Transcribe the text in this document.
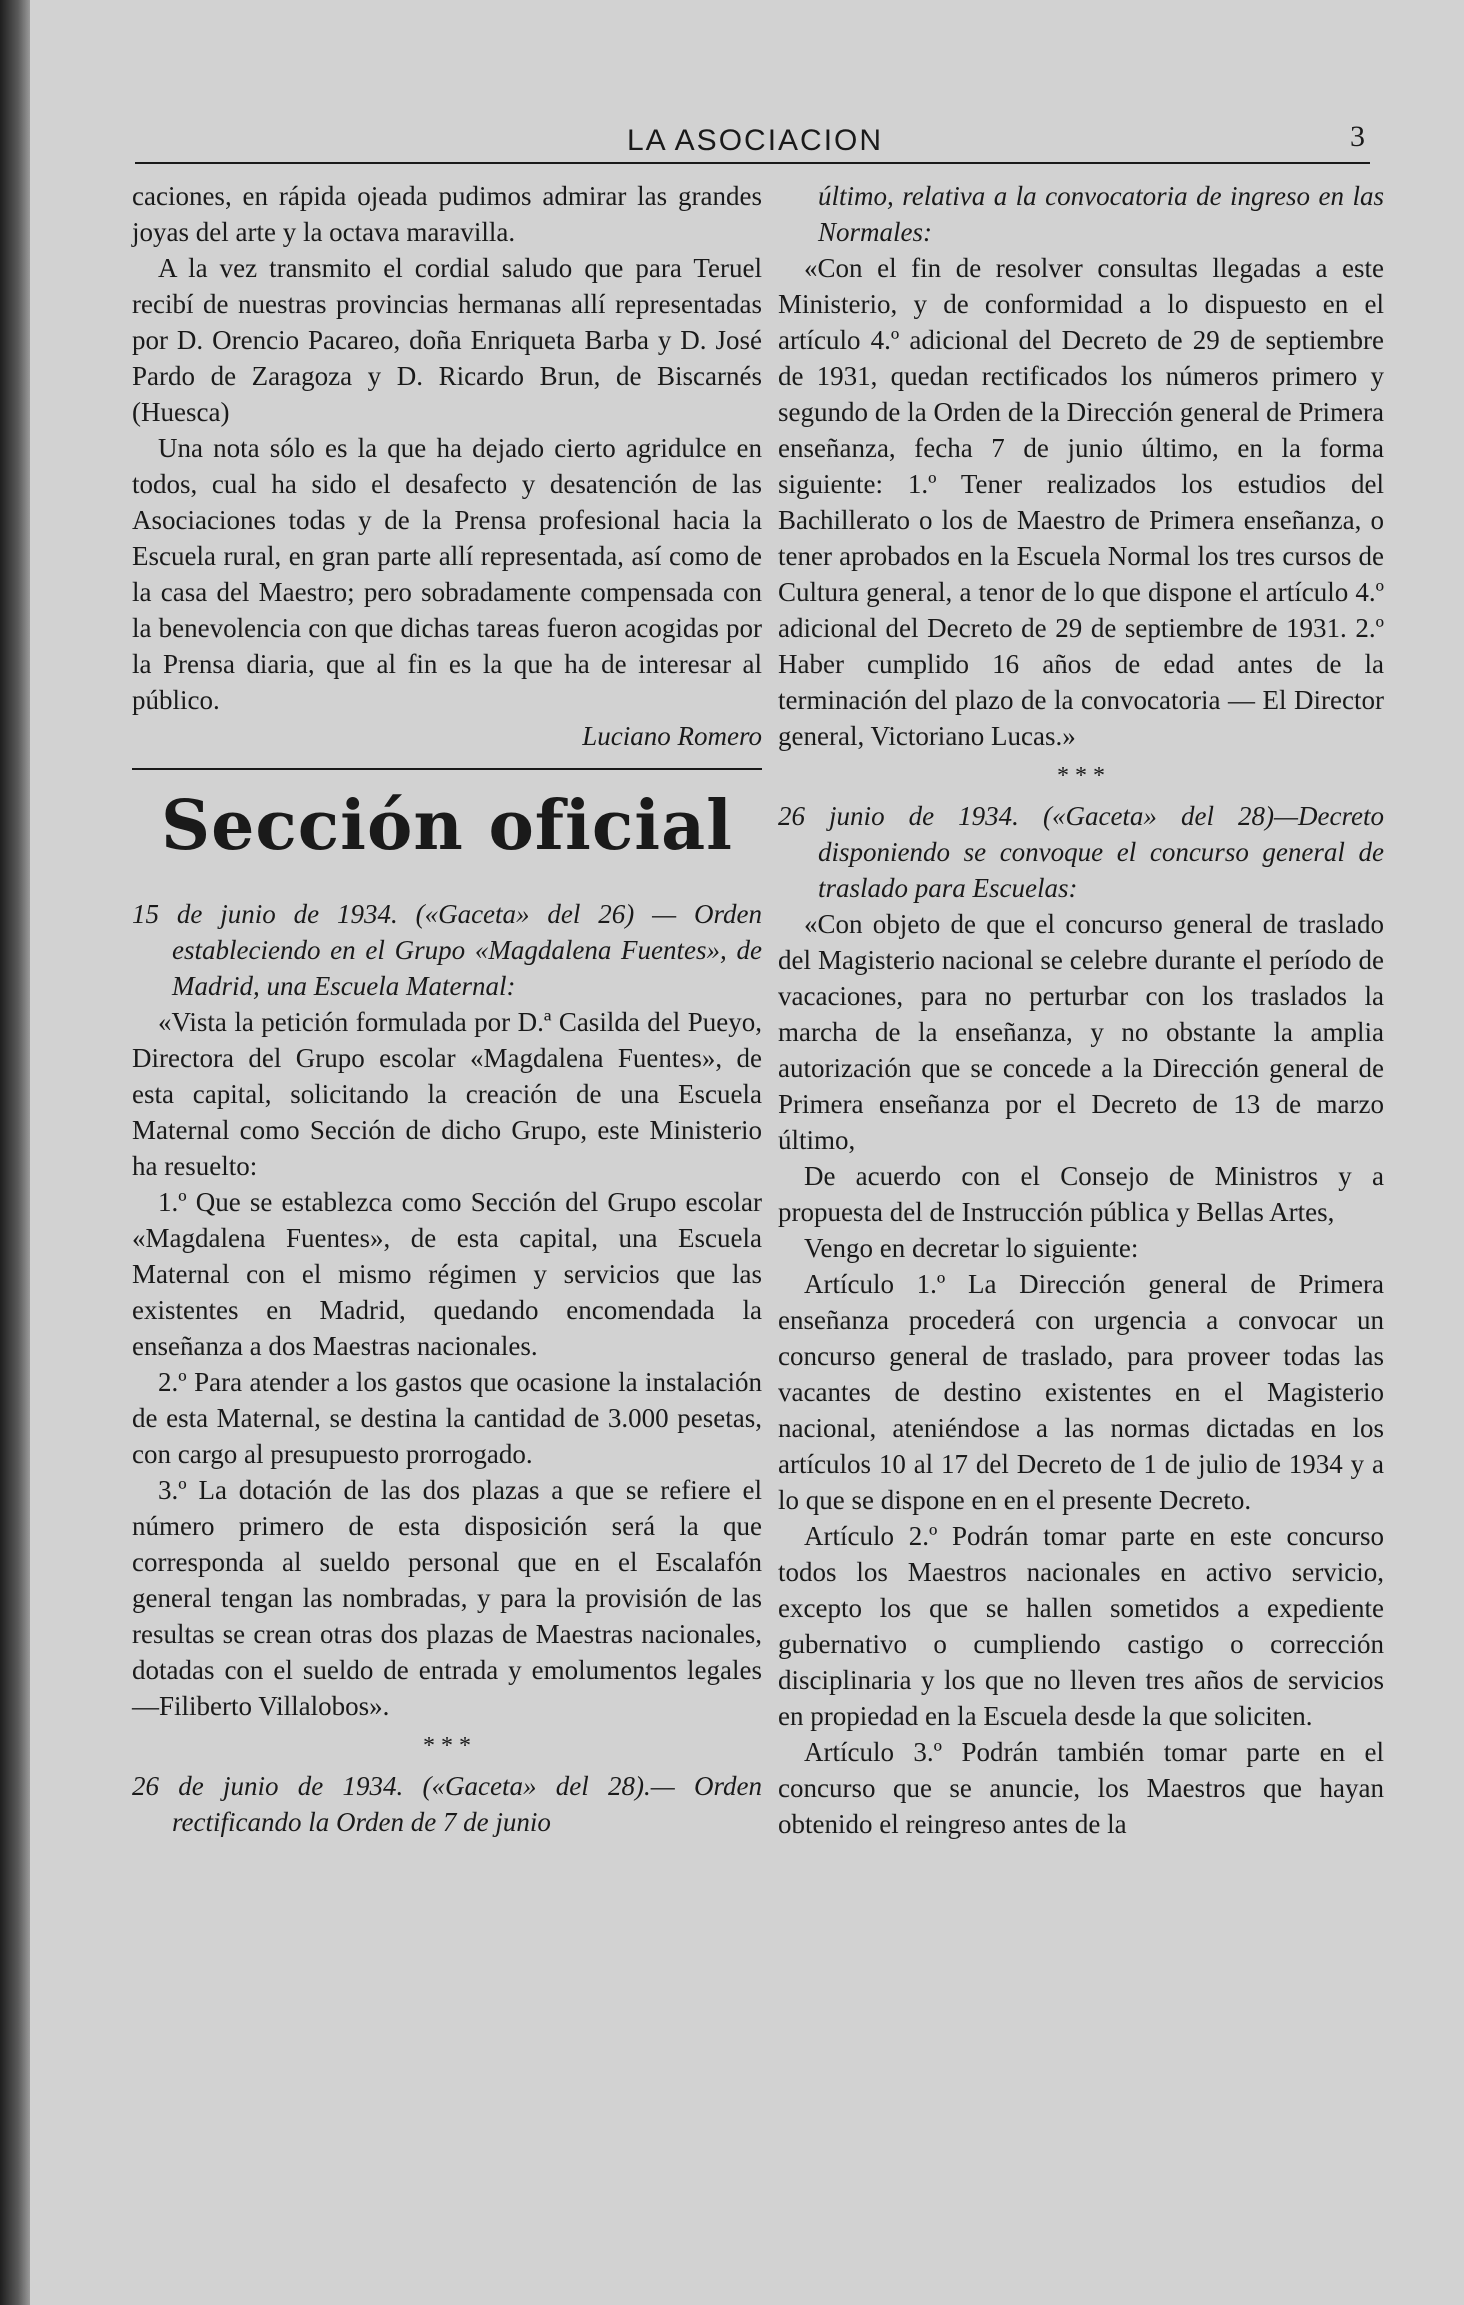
LA ASOCIACION	3

caciones, en rápida ojeada pudimos admirar las grandes joyas del arte y la octava maravilla.

A la vez transmito el cordial saludo que para Teruel recibí de nuestras provincias hermanas allí representadas por D. Orencio Pacareo, doña Enriqueta Barba y D. José Pardo de Zaragoza y D. Ricardo Brun, de Biscarnés (Huesca)

Una nota sólo es la que ha dejado cierto agridulce en todos, cual ha sido el desafecto y desatención de las Asociaciones todas y de la Prensa profesional hacia la Escuela rural, en gran parte allí representada, así como de la casa del Maestro; pero sobradamente compensada con la benevolencia con que dichas tareas fueron acogidas por la Prensa diaria, que al fin es la que ha de interesar al público.

Luciano Romero

Sección oficial

15 de junio de 1934. («Gaceta» del 26) — Orden estableciendo en el Grupo «Magdalena Fuentes», de Madrid, una Escuela Maternal:

«Vista la petición formulada por D.ª Casilda del Pueyo, Directora del Grupo escolar «Magdalena Fuentes», de esta capital, solicitando la creación de una Escuela Maternal como Sección de dicho Grupo, este Ministerio ha resuelto:

1.º Que se establezca como Sección del Grupo escolar «Magdalena Fuentes», de esta capital, una Escuela Maternal con el mismo régimen y servicios que las existentes en Madrid, quedando encomendada la enseñanza a dos Maestras nacionales.

2.º Para atender a los gastos que ocasione la instalación de esta Maternal, se destina la cantidad de 3.000 pesetas, con cargo al presupuesto prorrogado.

3.º La dotación de las dos plazas a que se refiere el número primero de esta disposición será la que corresponda al sueldo personal que en el Escalafón general tengan las nombradas, y para la provisión de las resultas se crean otras dos plazas de Maestras nacionales, dotadas con el sueldo de entrada y emolumentos legales —Filiberto Villalobos».

* * *

26 de junio de 1934. («Gaceta» del 28).— Orden rectificando la Orden de 7 de junio

último, relativa a la convocatoria de ingreso en las Normales:

«Con el fin de resolver consultas llegadas a este Ministerio, y de conformidad a lo dispuesto en el artículo 4.º adicional del Decreto de 29 de septiembre de 1931, quedan rectificados los números primero y segundo de la Orden de la Dirección general de Primera enseñanza, fecha 7 de junio último, en la forma siguiente: 1.º Tener realizados los estudios del Bachillerato o los de Maestro de Primera enseñanza, o tener aprobados en la Escuela Normal los tres cursos de Cultura general, a tenor de lo que dispone el artículo 4.º adicional del Decreto de 29 de septiembre de 1931. 2.º Haber cumplido 16 años de edad antes de la terminación del plazo de la convocatoria — El Director general, Victoriano Lucas.»

* * *

26 junio de 1934. («Gaceta» del 28)—Decreto disponiendo se convoque el concurso general de traslado para Escuelas:

«Con objeto de que el concurso general de traslado del Magisterio nacional se celebre durante el período de vacaciones, para no perturbar con los traslados la marcha de la enseñanza, y no obstante la amplia autorización que se concede a la Dirección general de Primera enseñanza por el Decreto de 13 de marzo último,

De acuerdo con el Consejo de Ministros y a propuesta del de Instrucción pública y Bellas Artes,

Vengo en decretar lo siguiente:

Artículo 1.º La Dirección general de Primera enseñanza procederá con urgencia a convocar un concurso general de traslado, para proveer todas las vacantes de destino existentes en el Magisterio nacional, ateniéndose a las normas dictadas en los artículos 10 al 17 del Decreto de 1 de julio de 1934 y a lo que se dispone en en el presente Decreto.

Artículo 2.º Podrán tomar parte en este concurso todos los Maestros nacionales en activo servicio, excepto los que se hallen sometidos a expediente gubernativo o cumpliendo castigo o corrección disciplinaria y los que no lleven tres años de servicios en propiedad en la Escuela desde la que soliciten.

Artículo 3.º Podrán también tomar parte en el concurso que se anuncie, los Maestros que hayan obtenido el reingreso antes de la
